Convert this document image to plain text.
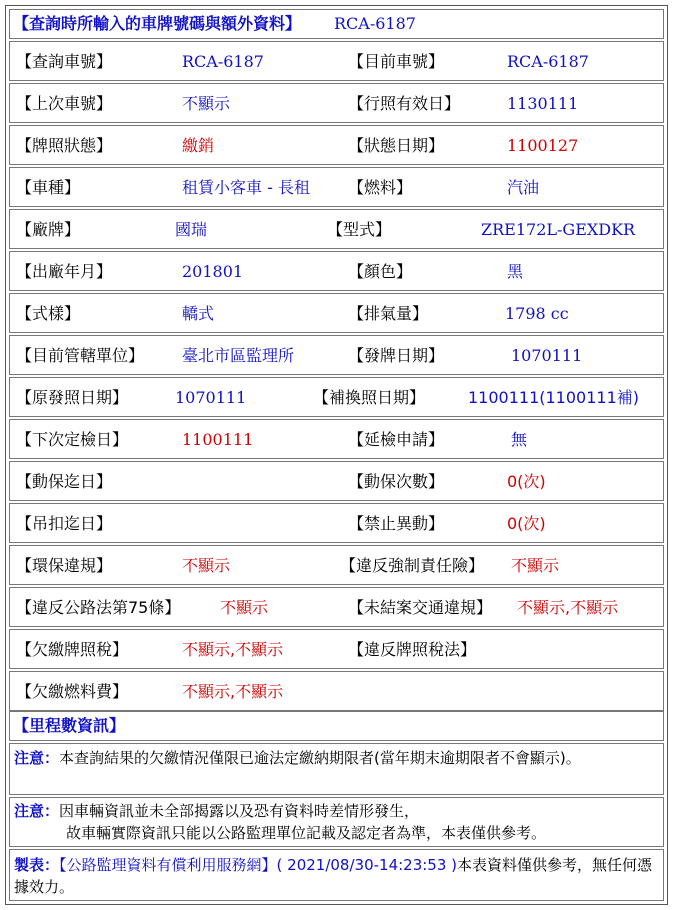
【查詢時所輸入的車牌號碼與額外資料】 RCA-6187
【查詢車號】	RCA-6187	【目前車號】	RCA-6187
【上次車號】	不顯示	【行照有效日】	1130111
【牌照狀態】	繳銷	【狀態日期】	1100127
【車種】	租賃小客車 - 長租 【燃料】	汽油
【廠牌】	國瑞	【型式】	ZRE172L-GEXDKR
【出廠年月】	201801	【顏色】	黑
【式樣】	轎式	【排氣量】	1798 cc
【目前管轄單位】 臺北市區監理所	【發牌日期】	1070111
【原發照日期】	1070111	【補換照日期】	1100111(1100111補)
【下次定檢日】	1100111	【延檢申請】	無
【動保迄日】	【動保次數】	0(次)
【吊扣迄日】	【禁止異動】	0(次)
【環保違規】	不顯示	【違反強制責任險】 不顯示
【違反公路法第75條】 不顯示	【未結案交通違規】 不顯示,不顯示
【欠繳牌照稅】	不顯示,不顯示	【違反牌照稅法】
【欠繳燃料費】	不顯示,不顯示
【里程數資訊】
注意：本查詢結果的欠繳情況僅限已逾法定繳納期限者(當年期末逾期限者不會顯示)。
注意：因車輛資訊並未全部揭露以及恐有資料時差情形發生，
故車輛實際資訊只能以公路監理單位記載及認定者為準，本表僅供參考。
製表：【公路監理資料有償利用服務網】( 2021/08/30-14:23:53 )本表資料僅供參考，無任何憑據效力。
